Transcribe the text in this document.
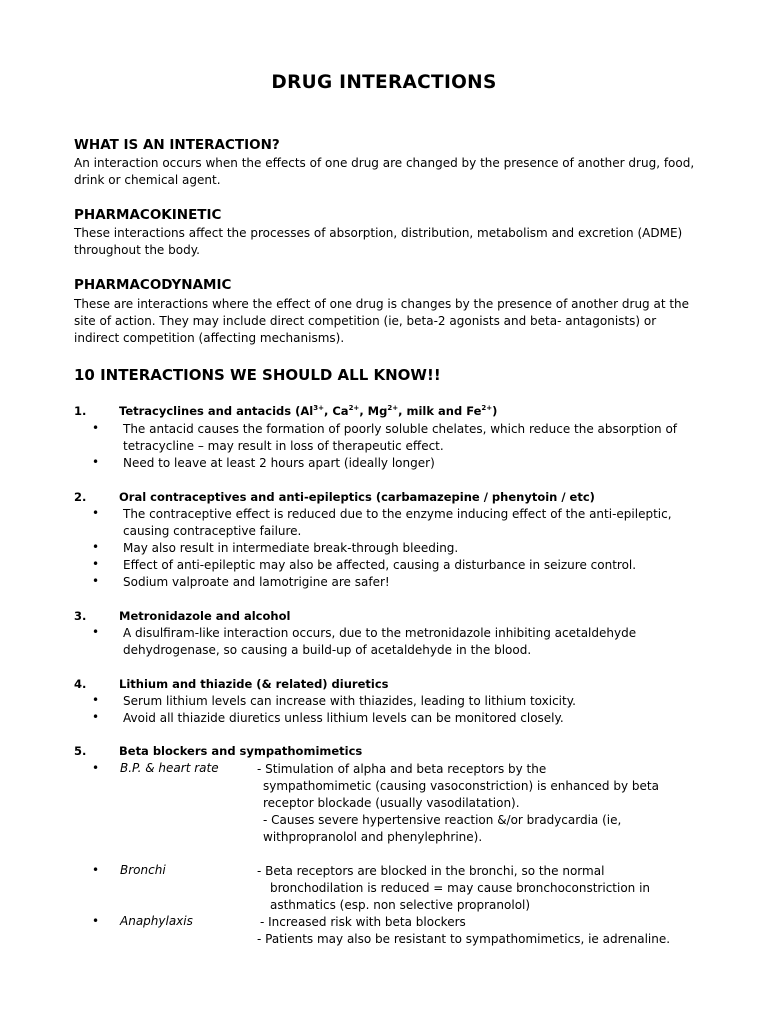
DRUG INTERACTIONS
WHAT IS AN INTERACTION?
An interaction occurs when the effects of one drug are changed by the presence of another drug, food, drink or chemical agent.
PHARMACOKINETIC
These interactions affect the processes of absorption, distribution, metabolism and excretion (ADME) throughout the body.
PHARMACODYNAMIC
These are interactions where the effect of one drug is changes by the presence of another drug at the site of action. They may include direct competition (ie, beta-2 agonists and beta- antagonists) or indirect competition (affecting mechanisms).
10 INTERACTIONS WE SHOULD ALL KNOW!!
1.	Tetracyclines and antacids ($Al^{3+}$, $Ca^{2+}$, $Mg^{2+}$, milk and $Fe^{2+}$)
• The antacid causes the formation of poorly soluble chelates, which reduce the absorption of tetracycline – may result in loss of therapeutic effect.
• Need to leave at least 2 hours apart (ideally longer)
2.	Oral contraceptives and anti-epileptics (carbamazepine / phenytoin / etc)
• The contraceptive effect is reduced due to the enzyme inducing effect of the anti-epileptic, causing contraceptive failure.
• May also result in intermediate break-through bleeding.
• Effect of anti-epileptic may also be affected, causing a disturbance in seizure control.
• Sodium valproate and lamotrigine are safer!
3.	Metronidazole and alcohol
• A disulfiram-like interaction occurs, due to the metronidazole inhibiting acetaldehyde dehydrogenase, so causing a build-up of acetaldehyde in the blood.
4.	Lithium and thiazide (& related) diuretics
• Serum lithium levels can increase with thiazides, leading to lithium toxicity.
• Avoid all thiazide diuretics unless lithium levels can be monitored closely.
5.	Beta blockers and sympathomimetics
• B.P. & heart rate	- Stimulation of alpha and beta receptors by the
sympathomimetic (causing vasoconstriction) is enhanced by beta
receptor blockade (usually vasodilatation).
- Causes severe hypertensive reaction &/or bradycardia (ie,
withpropranolol and phenylephrine).
• Bronchi	- Beta receptors are blocked in the bronchi, so the normal
bronchodilation is reduced = may cause bronchoconstriction in
asthmatics (esp. non selective propranolol)
• Anaphylaxis	- Increased risk with beta blockers
- Patients may also be resistant to sympathomimetics, ie adrenaline.
